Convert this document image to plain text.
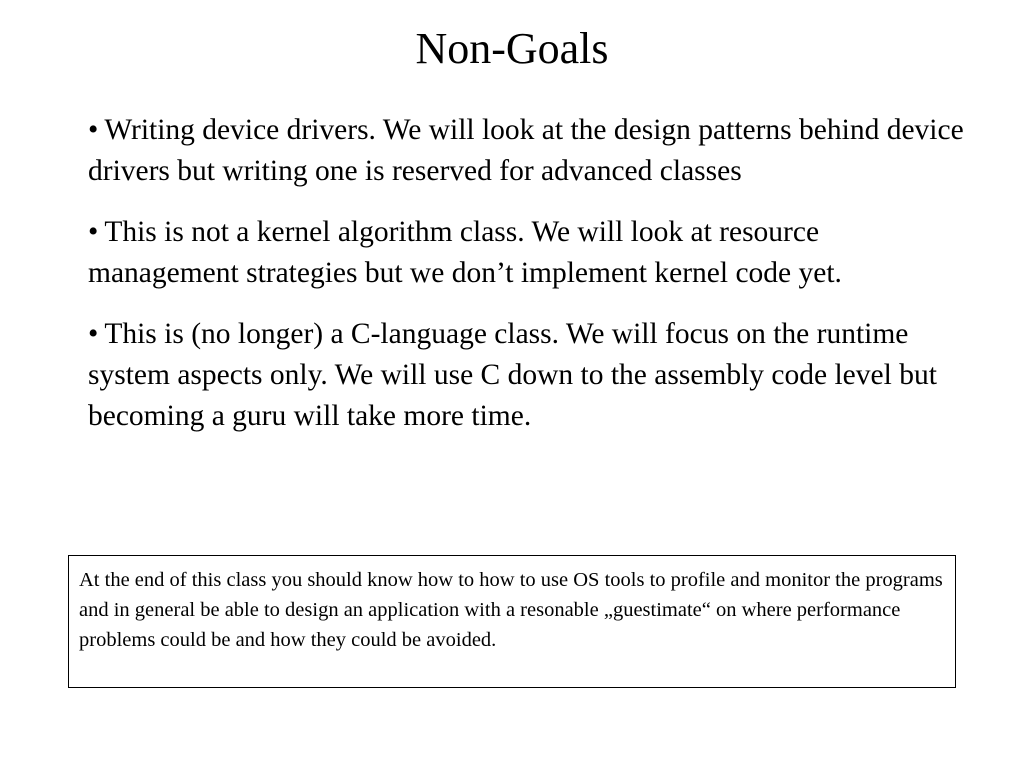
Non-Goals
• Writing device drivers. We will look at the design patterns behind device drivers but writing one is reserved for advanced classes
• This is not a kernel algorithm class. We will look at resource management strategies but we don’t implement kernel code yet.
• This is (no longer) a C-language class. We will focus on the runtime system aspects only. We will use C down to the assembly code level but becoming a guru will take more time.

At the end of this class you should know how to how to use OS tools to profile and monitor the programs and in general be able to design an application with a resonable „guestimate“ on where performance problems could be and how they could be avoided.
